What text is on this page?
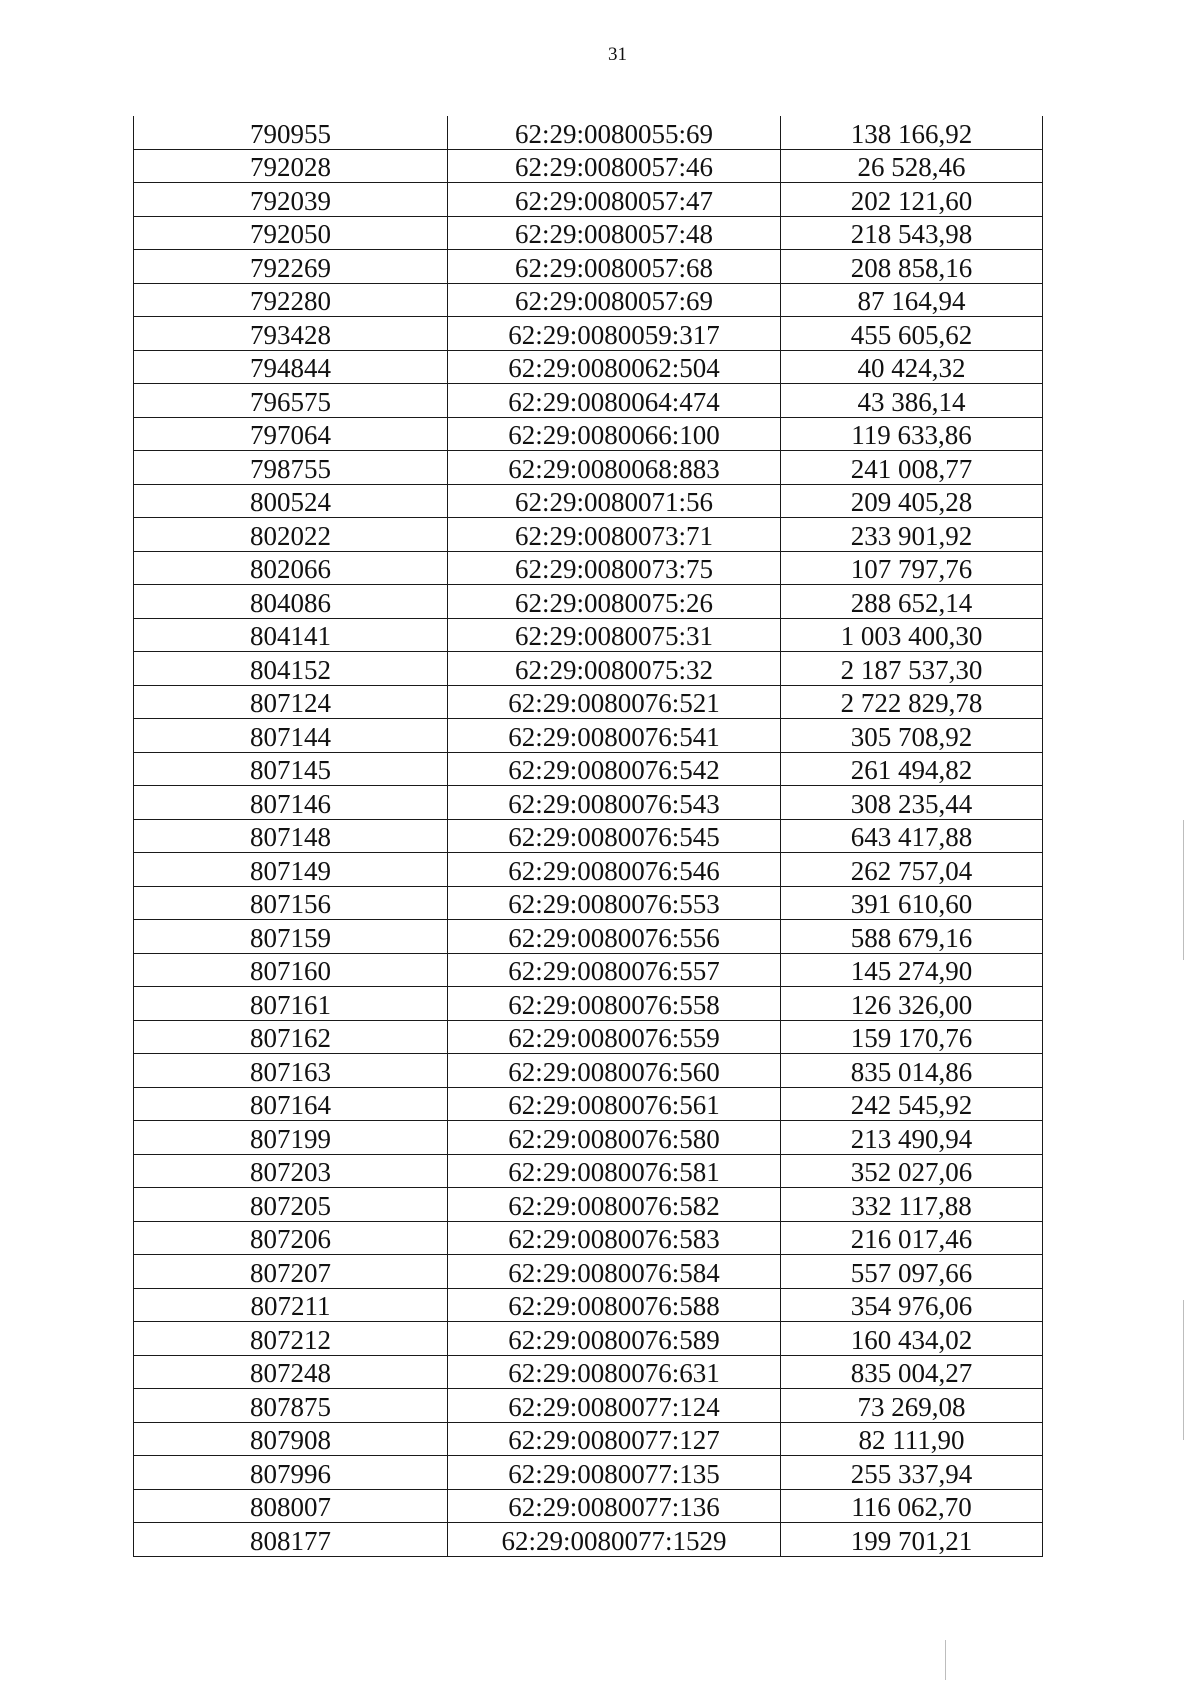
31
790955	62:29:0080055:69	138 166,92
792028	62:29:0080057:46	26 528,46
792039	62:29:0080057:47	202 121,60
792050	62:29:0080057:48	218 543,98
792269	62:29:0080057:68	208 858,16
792280	62:29:0080057:69	87 164,94
793428	62:29:0080059:317	455 605,62
794844	62:29:0080062:504	40 424,32
796575	62:29:0080064:474	43 386,14
797064	62:29:0080066:100	119 633,86
798755	62:29:0080068:883	241 008,77
800524	62:29:0080071:56	209 405,28
802022	62:29:0080073:71	233 901,92
802066	62:29:0080073:75	107 797,76
804086	62:29:0080075:26	288 652,14
804141	62:29:0080075:31	1 003 400,30
804152	62:29:0080075:32	2 187 537,30
807124	62:29:0080076:521	2 722 829,78
807144	62:29:0080076:541	305 708,92
807145	62:29:0080076:542	261 494,82
807146	62:29:0080076:543	308 235,44
807148	62:29:0080076:545	643 417,88
807149	62:29:0080076:546	262 757,04
807156	62:29:0080076:553	391 610,60
807159	62:29:0080076:556	588 679,16
807160	62:29:0080076:557	145 274,90
807161	62:29:0080076:558	126 326,00
807162	62:29:0080076:559	159 170,76
807163	62:29:0080076:560	835 014,86
807164	62:29:0080076:561	242 545,92
807199	62:29:0080076:580	213 490,94
807203	62:29:0080076:581	352 027,06
807205	62:29:0080076:582	332 117,88
807206	62:29:0080076:583	216 017,46
807207	62:29:0080076:584	557 097,66
807211	62:29:0080076:588	354 976,06
807212	62:29:0080076:589	160 434,02
807248	62:29:0080076:631	835 004,27
807875	62:29:0080077:124	73 269,08
807908	62:29:0080077:127	82 111,90
807996	62:29:0080077:135	255 337,94
808007	62:29:0080077:136	116 062,70
808177	62:29:0080077:1529	199 701,21
